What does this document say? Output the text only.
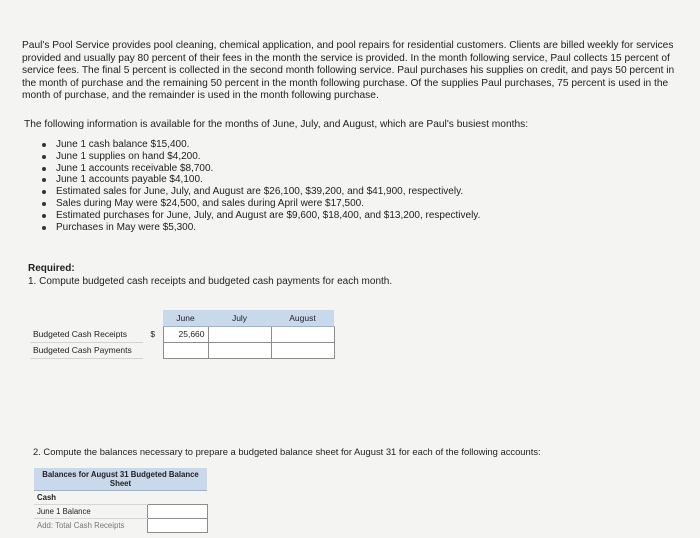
Paul's Pool Service provides pool cleaning, chemical application, and pool repairs for residential customers. Clients are billed weekly for services provided and usually pay 80 percent of their fees in the month the service is provided. In the month following service, Paul collects 15 percent of service fees. The final 5 percent is collected in the second month following service. Paul purchases his supplies on credit, and pays 50 percent in the month of purchase and the remaining 50 percent in the month following purchase. Of the supplies Paul purchases, 75 percent is used in the month of purchase, and the remainder is used in the month following purchase.

The following information is available for the months of June, July, and August, which are Paul's busiest months:

June 1 cash balance $15,400.
June 1 supplies on hand $4,200.
June 1 accounts receivable $8,700.
June 1 accounts payable $4,100.
Estimated sales for June, July, and August are $26,100, $39,200, and $41,900, respectively.
Sales during May were $24,500, and sales during April were $17,500.
Estimated purchases for June, July, and August are $9,600, $18,400, and $13,200, respectively.
Purchases in May were $5,300.

Required:

1. Compute budgeted cash receipts and budgeted cash payments for each month.

		June	July	August
Budgeted Cash Receipts	$	25,660		
Budgeted Cash Payments				

2. Compute the balances necessary to prepare a budgeted balance sheet for August 31 for each of the following accounts:

Balances for August 31 Budgeted Balance Sheet	
Cash	
June 1 Balance	
Add: Total Cash Receipts	
